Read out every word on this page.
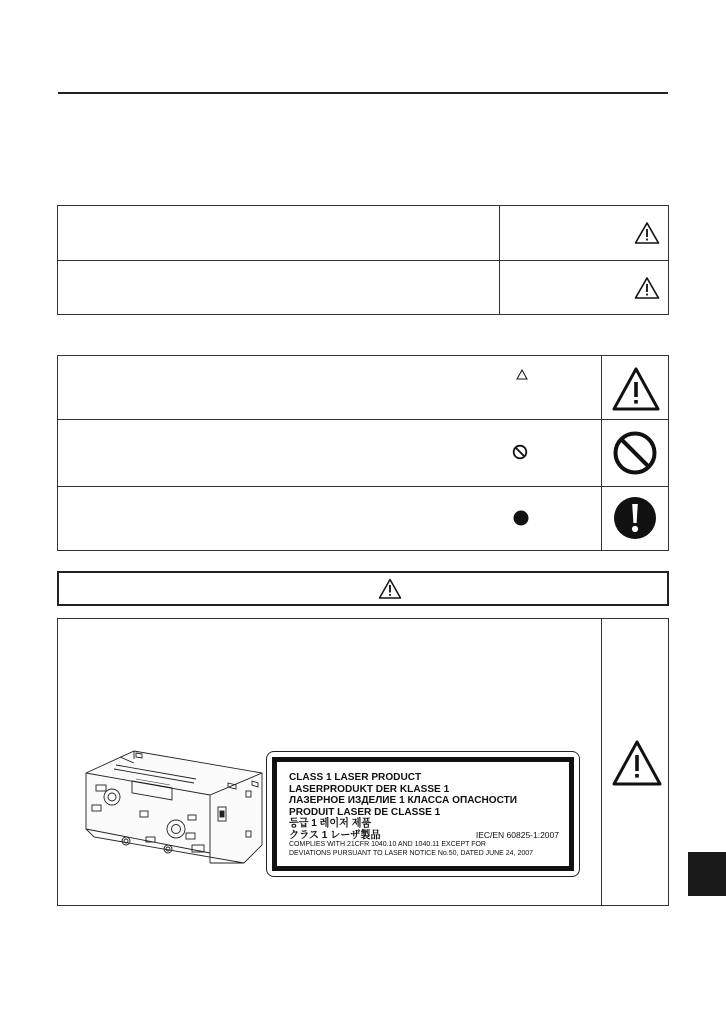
CLASS 1 LASER PRODUCT
LASERPRODUKT DER KLASSE 1
ЛАЗЕРНОЕ ИЗДЕЛИЕ 1 КЛАССА ОПАСНОСТИ
PRODUIT LASER DE CLASSE 1
등급 1 레이저 제품
クラス 1 レーザ製品	IEC/EN 60825-1:2007
COMPLIES WITH 21CFR 1040.10 AND 1040.11 EXCEPT FOR
DEVIATIONS PURSUANT TO LASER NOTICE No.50, DATED JUNE 24, 2007
